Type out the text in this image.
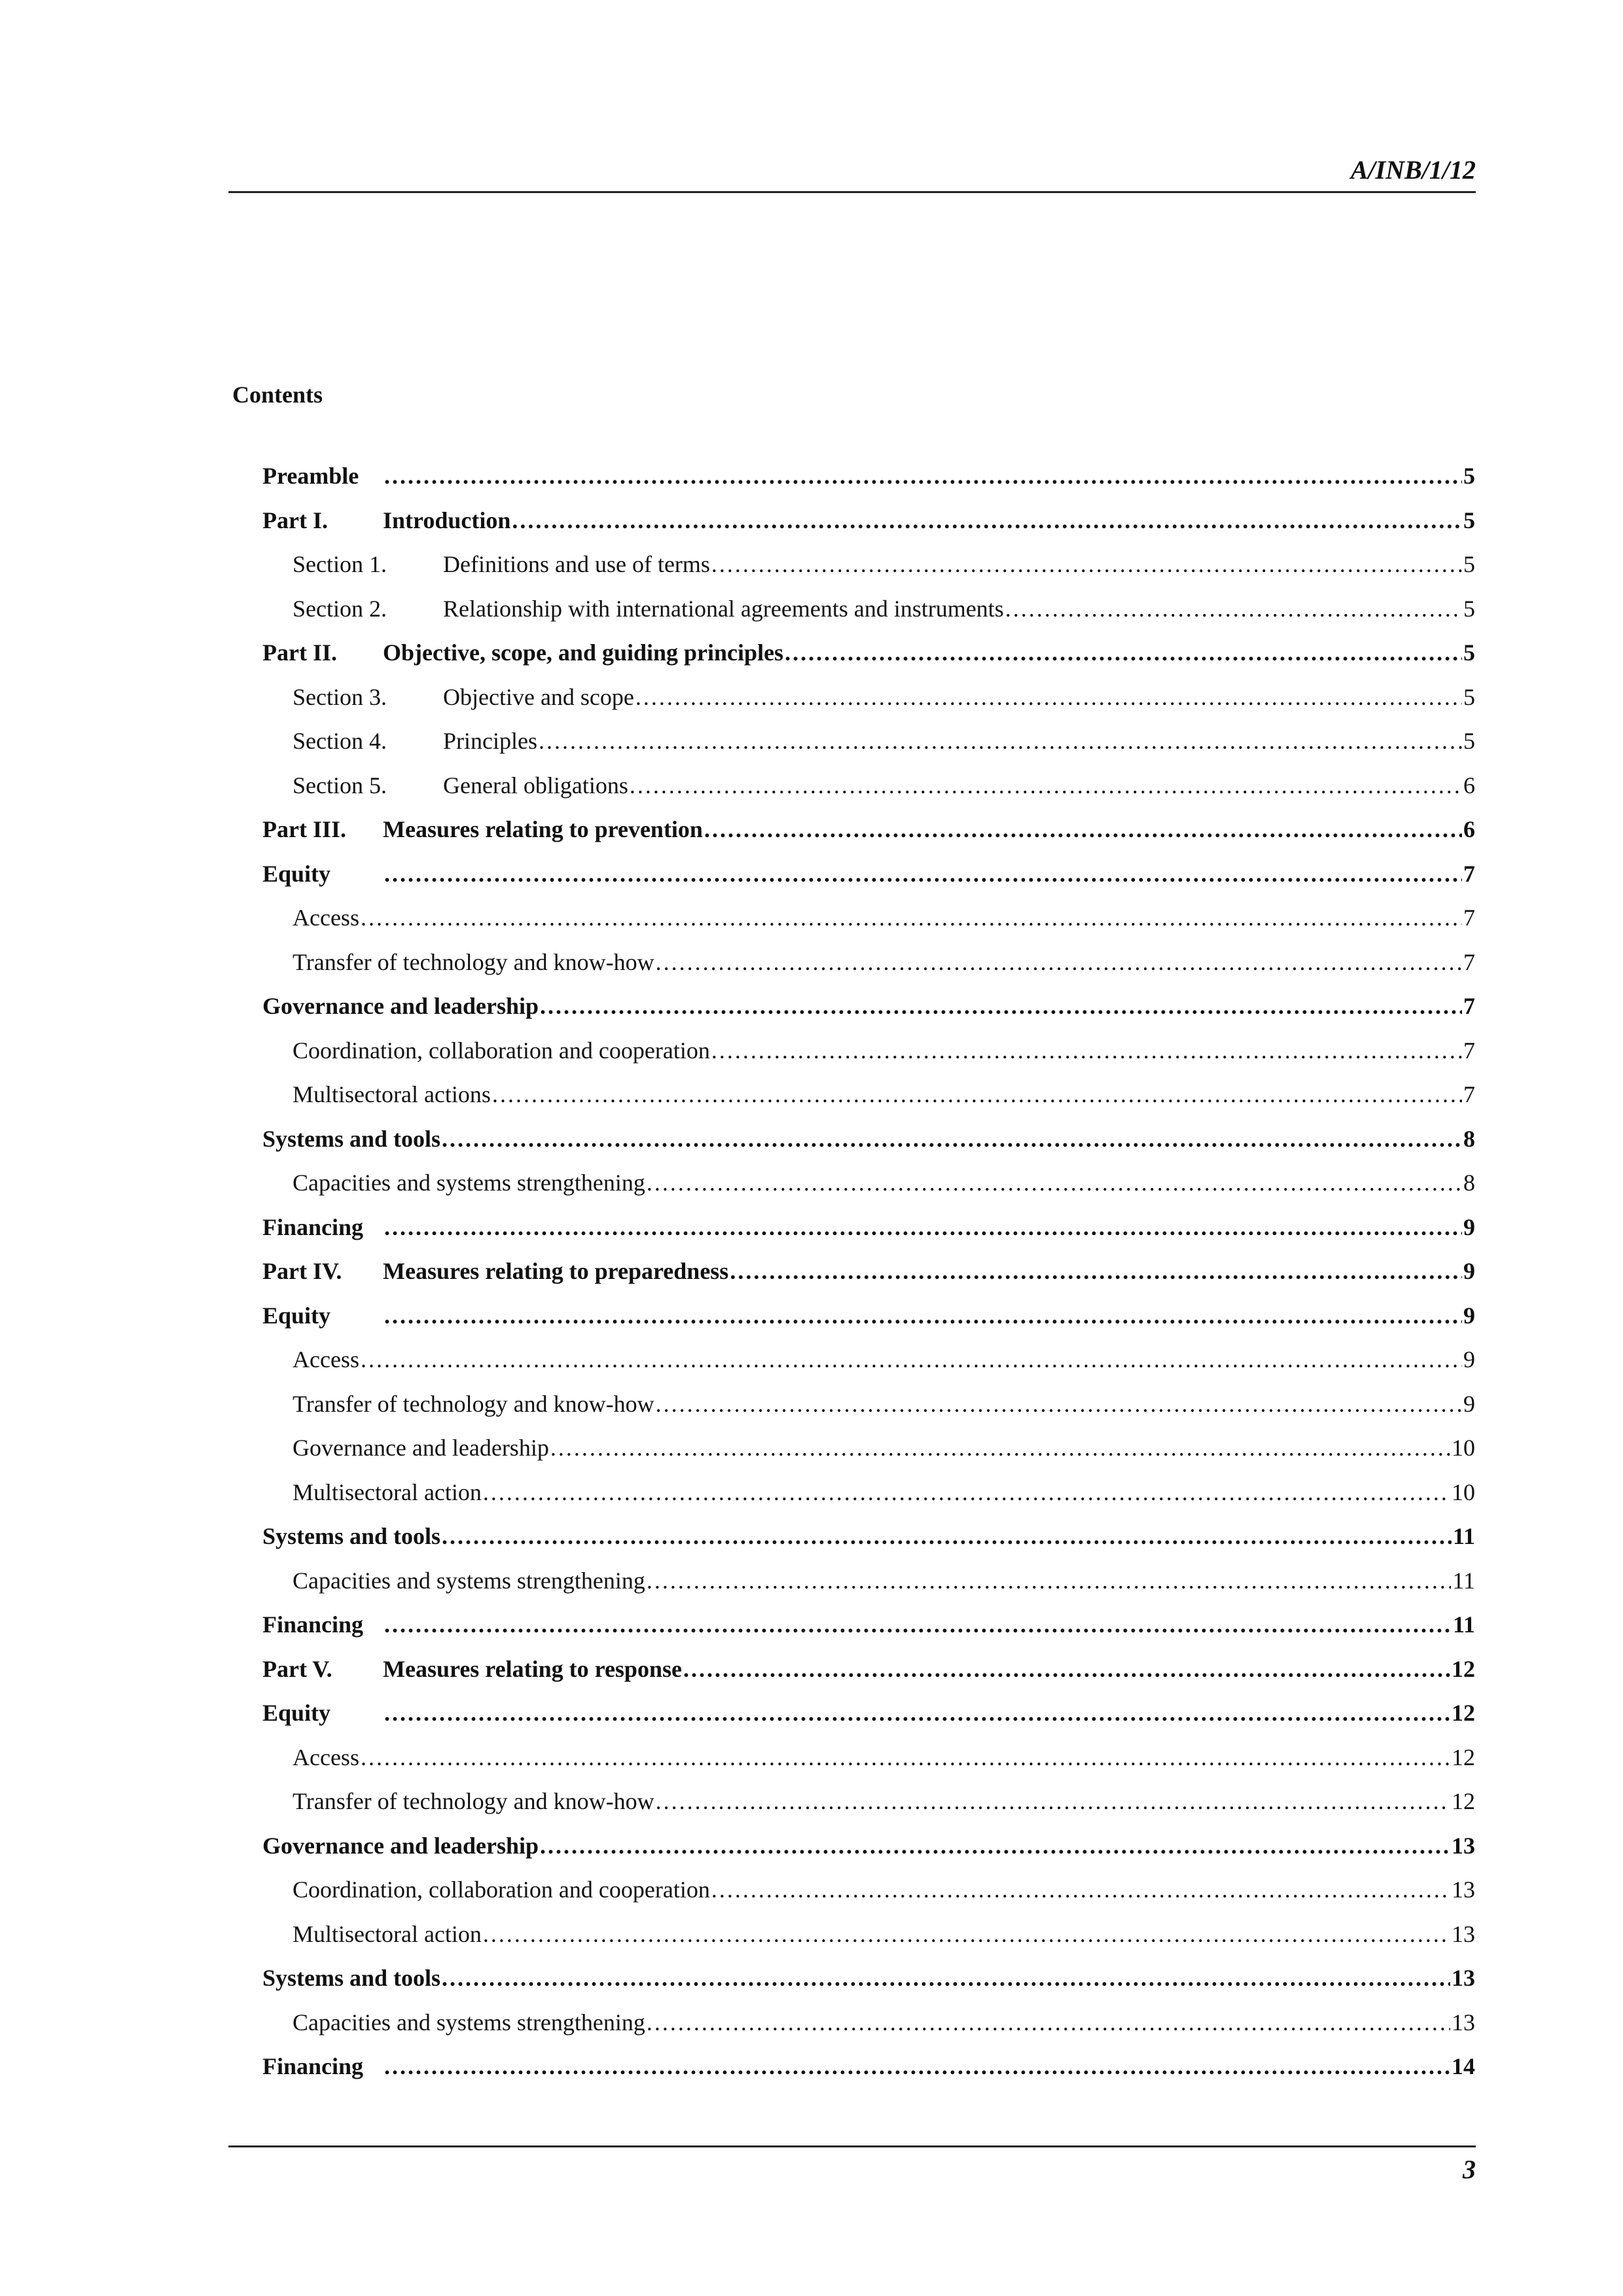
A/INB/1/12
Contents
Preamble .....	5
Part I.	Introduction .....	5
Section 1.	Definitions and use of terms .....	5
Section 2.	Relationship with international agreements and instruments .....	5
Part II.	Objective, scope, and guiding principles .....	5
Section 3.	Objective and scope .....	5
Section 4.	Principles .....	5
Section 5.	General obligations .....	6
Part III.	Measures relating to prevention .....	6
Equity .....	7
Access .....	7
Transfer of technology and know-how .....	7
Governance and leadership .....	7
Coordination, collaboration and cooperation .....	7
Multisectoral actions .....	7
Systems and tools .....	8
Capacities and systems strengthening .....	8
Financing .....	9
Part IV.	Measures relating to preparedness .....	9
Equity .....	9
Access .....	9
Transfer of technology and know-how .....	9
Governance and leadership .....	10
Multisectoral action .....	10
Systems and tools .....	11
Capacities and systems strengthening .....	11
Financing .....	11
Part V.	Measures relating to response .....	12
Equity .....	12
Access .....	12
Transfer of technology and know-how .....	12
Governance and leadership .....	13
Coordination, collaboration and cooperation .....	13
Multisectoral action .....	13
Systems and tools .....	13
Capacities and systems strengthening .....	13
Financing .....	14
3
